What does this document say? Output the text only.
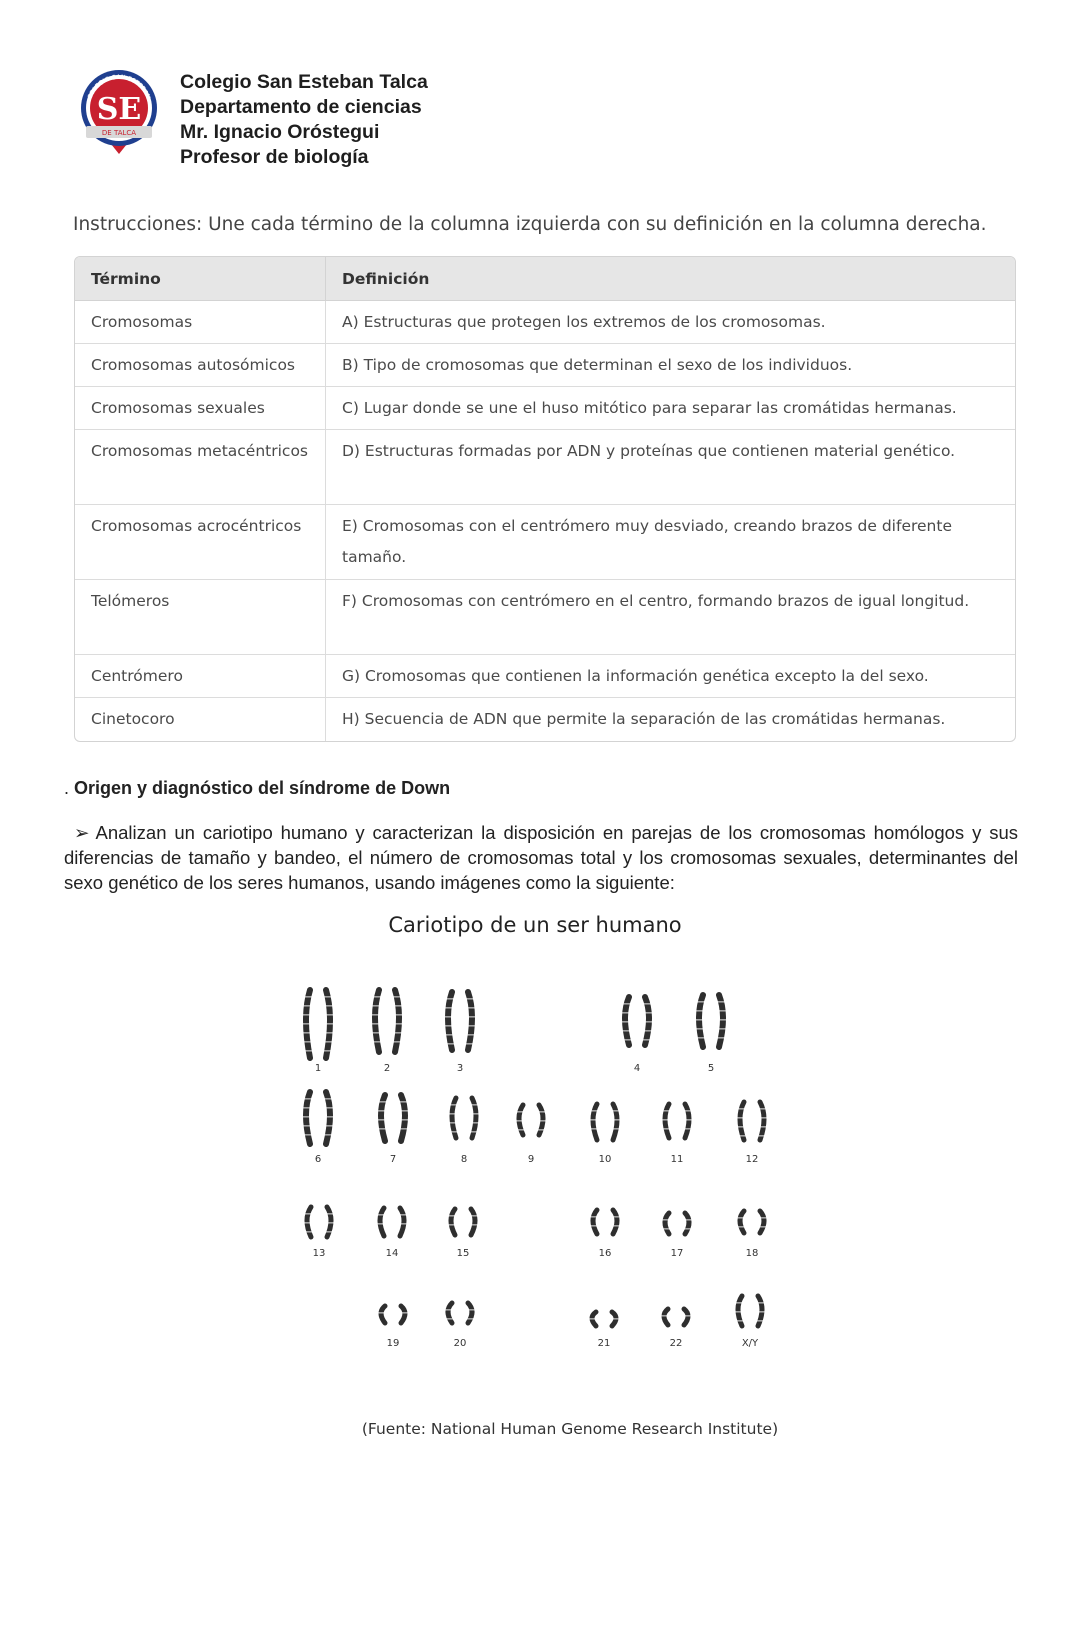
SE
DE TALCA
COLEGIO SAN ESTEBAN
Colegio San Esteban Talca
Departamento de ciencias
Mr. Ignacio Oróstegui
Profesor de biología
Instrucciones: Une cada término de la columna izquierda con su definición en la columna derecha.
Término	Definición
Cromosomas	A) Estructuras que protegen los extremos de los cromosomas.
Cromosomas autosómicos	B) Tipo de cromosomas que determinan el sexo de los individuos.
Cromosomas sexuales	C) Lugar donde se une el huso mitótico para separar las cromátidas hermanas.
Cromosomas metacéntricos	D) Estructuras formadas por ADN y proteínas que contienen material genético.
Cromosomas acrocéntricos	E) Cromosomas con el centrómero muy desviado, creando brazos de diferente tamaño.
Telómeros	F) Cromosomas con centrómero en el centro, formando brazos de igual longitud.
Centrómero	G) Cromosomas que contienen la información genética excepto la del sexo.
Cinetocoro	H) Secuencia de ADN que permite la separación de las cromátidas hermanas.
. Origen y diagnóstico del síndrome de Down
➢ Analizan un cariotipo humano y caracterizan la disposición en parejas de los cromosomas homólogos y sus diferencias de tamaño y bandeo, el número de cromosomas total y los cromosomas sexuales, determinantes del sexo genético de los seres humanos, usando imágenes como la siguiente:
Cariotipo de un ser humano
1	2	3	4	5
6	7	8	9	10	11	12
13	14	15	16	17	18
19	20	21	22	X/Y
(Fuente: National Human Genome Research Institute)
